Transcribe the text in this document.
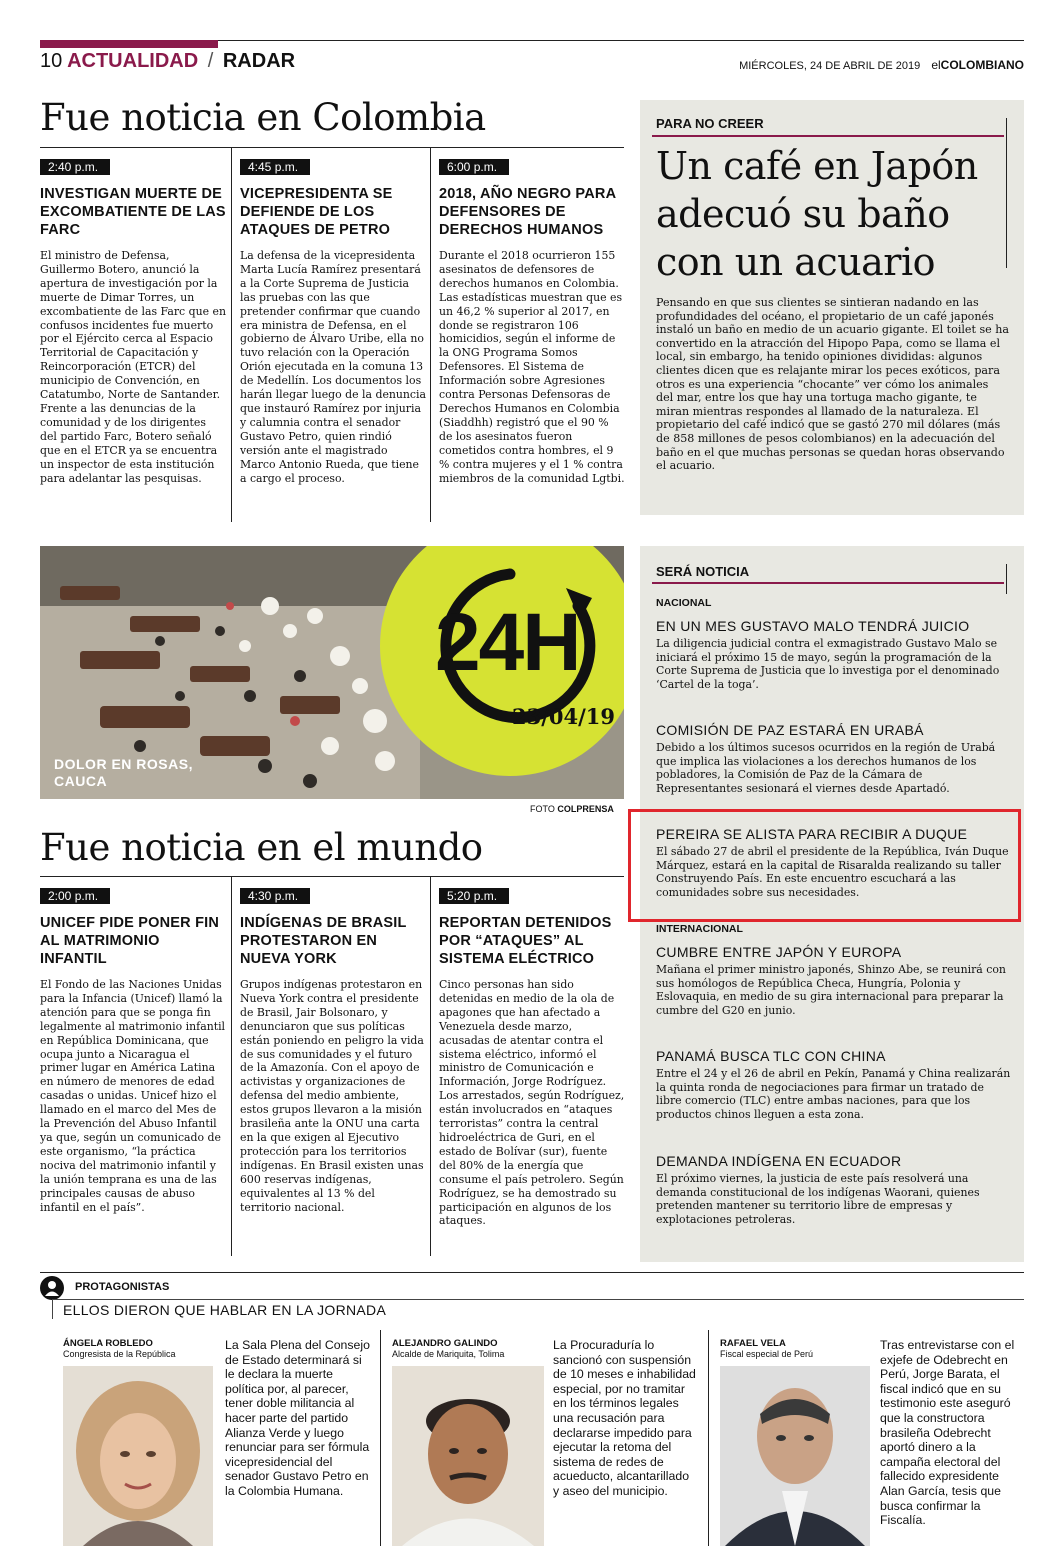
10 ACTUALIDAD / RADAR	MIÉRCOLES, 24 DE ABRIL DE 2019 elCOLOMBIANO
Fue noticia en Colombia
2:40 p.m.
INVESTIGAN MUERTE DE EXCOMBATIENTE DE LAS FARC
El ministro de Defensa, Guillermo Botero, anunció la apertura de investigación por la muerte de Dimar Torres, un excombatiente de las Farc que en confusos incidentes fue muerto por el Ejército cerca al Espacio Territorial de Capacitación y Reincorporación (ETCR) del municipio de Convención, en Catatumbo, Norte de Santander. Frente a las denuncias de la comunidad y de los dirigentes del partido Farc, Botero señaló que en el ETCR ya se encuentra un inspector de esta institución para adelantar las pesquisas.
4:45 p.m.
VICEPRESIDENTA SE DEFIENDE DE LOS ATAQUES DE PETRO
La defensa de la vicepresidenta Marta Lucía Ramírez presentará a la Corte Suprema de Justicia las pruebas con las que pretender confirmar que cuando era ministra de Defensa, en el gobierno de Álvaro Uribe, ella no tuvo relación con la Operación Orión ejecutada en la comuna 13 de Medellín. Los documentos los harán llegar luego de la denuncia que instauró Ramírez por injuria y calumnia contra el senador Gustavo Petro, quien rindió versión ante el magistrado Marco Antonio Rueda, que tiene a cargo el proceso.
6:00 p.m.
2018, AÑO NEGRO PARA DEFENSORES DE DERECHOS HUMANOS
Durante el 2018 ocurrieron 155 asesinatos de defensores de derechos humanos en Colombia. Las estadísticas muestran que es un 46,2 % superior al 2017, en donde se registraron 106 homicidios, según el informe de la ONG Programa Somos Defensores. El Sistema de Información sobre Agresiones contra Personas Defensoras de Derechos Humanos en Colombia (Siaddhh) registró que el 90 % de los asesinatos fueron cometidos contra hombres, el 9 % contra mujeres y el 1 % contra miembros de la comunidad Lgtbi.
PARA NO CREER
Un café en Japón adecuó su baño con un acuario
Pensando en que sus clientes se sintieran nadando en las profundidades del océano, el propietario de un café japonés instaló un baño en medio de un acuario gigante. El toilet se ha convertido en la atracción del Hipopo Papa, como se llama el local, sin embargo, ha tenido opiniones divididas: algunos clientes dicen que es relajante mirar los peces exóticos, para otros es una experiencia “chocante” ver cómo los animales del mar, entre los que hay una tortuga macho gigante, te miran mientras respondes al llamado de la naturaleza. El propietario del café indicó que se gastó 270 mil dólares (más de 858 millones de pesos colombianos) en la adecuación del baño en el que muchas personas se quedan horas observando el acuario.
24H
23/04/19
DOLOR EN ROSAS, CAUCA
FOTO COLPRENSA
Fue noticia en el mundo
2:00 p.m.
UNICEF PIDE PONER FIN AL MATRIMONIO INFANTIL
El Fondo de las Naciones Unidas para la Infancia (Unicef) llamó la atención para que se ponga fin legalmente al matrimonio infantil en República Dominicana, que ocupa junto a Nicaragua el primer lugar en América Latina en número de menores de edad casadas o unidas. Unicef hizo el llamado en el marco del Mes de la Prevención del Abuso Infantil ya que, según un comunicado de este organismo, “la práctica nociva del matrimonio infantil y la unión temprana es una de las principales causas de abuso infantil en el país”.
4:30 p.m.
INDÍGENAS DE BRASIL PROTESTARON EN NUEVA YORK
Grupos indígenas protestaron en Nueva York contra el presidente de Brasil, Jair Bolsonaro, y denunciaron que sus políticas están poniendo en peligro la vida de sus comunidades y el futuro de la Amazonía. Con el apoyo de activistas y organizaciones de defensa del medio ambiente, estos grupos llevaron a la misión brasileña ante la ONU una carta en la que exigen al Ejecutivo protección para los territorios indígenas. En Brasil existen unas 600 reservas indígenas, equivalentes al 13 % del territorio nacional.
5:20 p.m.
REPORTAN DETENIDOS POR “ATAQUES” AL SISTEMA ELÉCTRICO
Cinco personas han sido detenidas en medio de la ola de apagones que han afectado a Venezuela desde marzo, acusadas de atentar contra el sistema eléctrico, informó el ministro de Comunicación e Información, Jorge Rodríguez. Los arrestados, según Rodríguez, están involucrados en “ataques terroristas” contra la central hidroeléctrica de Guri, en el estado de Bolívar (sur), fuente del 80% de la energía que consume el país petrolero. Según Rodríguez, se ha demostrado su participación en algunos de los ataques.
SERÁ NOTICIA
NACIONAL
EN UN MES GUSTAVO MALO TENDRÁ JUICIO
La diligencia judicial contra el exmagistrado Gustavo Malo se iniciará el próximo 15 de mayo, según la programación de la Corte Suprema de Justicia que lo investiga por el denominado ‘Cartel de la toga’.
COMISIÓN DE PAZ ESTARÁ EN URABÁ
Debido a los últimos sucesos ocurridos en la región de Urabá que implica las violaciones a los derechos humanos de los pobladores, la Comisión de Paz de la Cámara de Representantes sesionará el viernes desde Apartadó.
PEREIRA SE ALISTA PARA RECIBIR A DUQUE
El sábado 27 de abril el presidente de la República, Iván Duque Márquez, estará en la capital de Risaralda realizando su taller Construyendo País. En este encuentro escuchará a las comunidades sobre sus necesidades.
INTERNACIONAL
CUMBRE ENTRE JAPÓN Y EUROPA
Mañana el primer ministro japonés, Shinzo Abe, se reunirá con sus homólogos de República Checa, Hungría, Polonia y Eslovaquia, en medio de su gira internacional para preparar la cumbre del G20 en junio.
PANAMÁ BUSCA TLC CON CHINA
Entre el 24 y el 26 de abril en Pekín, Panamá y China realizarán la quinta ronda de negociaciones para firmar un tratado de libre comercio (TLC) entre ambas naciones, para que los productos chinos lleguen a esta zona.
DEMANDA INDÍGENA EN ECUADOR
El próximo viernes, la justicia de este país resolverá una demanda constitucional de los indígenas Waorani, quienes pretenden mantener su territorio libre de empresas y explotaciones petroleras.
PROTAGONISTAS
ELLOS DIERON QUE HABLAR EN LA JORNADA
ÁNGELA ROBLEDO
Congresista de la República
La Sala Plena del Consejo de Estado determinará si le declara la muerte política por, al parecer, tener doble militancia al hacer parte del partido Alianza Verde y luego renunciar para ser fórmula vicepresidencial del senador Gustavo Petro en la Colombia Humana.
ALEJANDRO GALINDO
Alcalde de Mariquita, Tolima
La Procuraduría lo sancionó con suspensión de 10 meses e inhabilidad especial, por no tramitar en los términos legales una recusación para declararse impedido para ejecutar la retoma del sistema de redes de acueducto, alcantarillado y aseo del municipio.
RAFAEL VELA
Fiscal especial de Perú
Tras entrevistarse con el exjefe de Odebrecht en Perú, Jorge Barata, el fiscal indicó que en su testimonio este aseguró que la constructora brasileña Odebrecht aportó dinero a la campaña electoral del fallecido expresidente Alan García, tesis que busca confirmar la Fiscalía.
